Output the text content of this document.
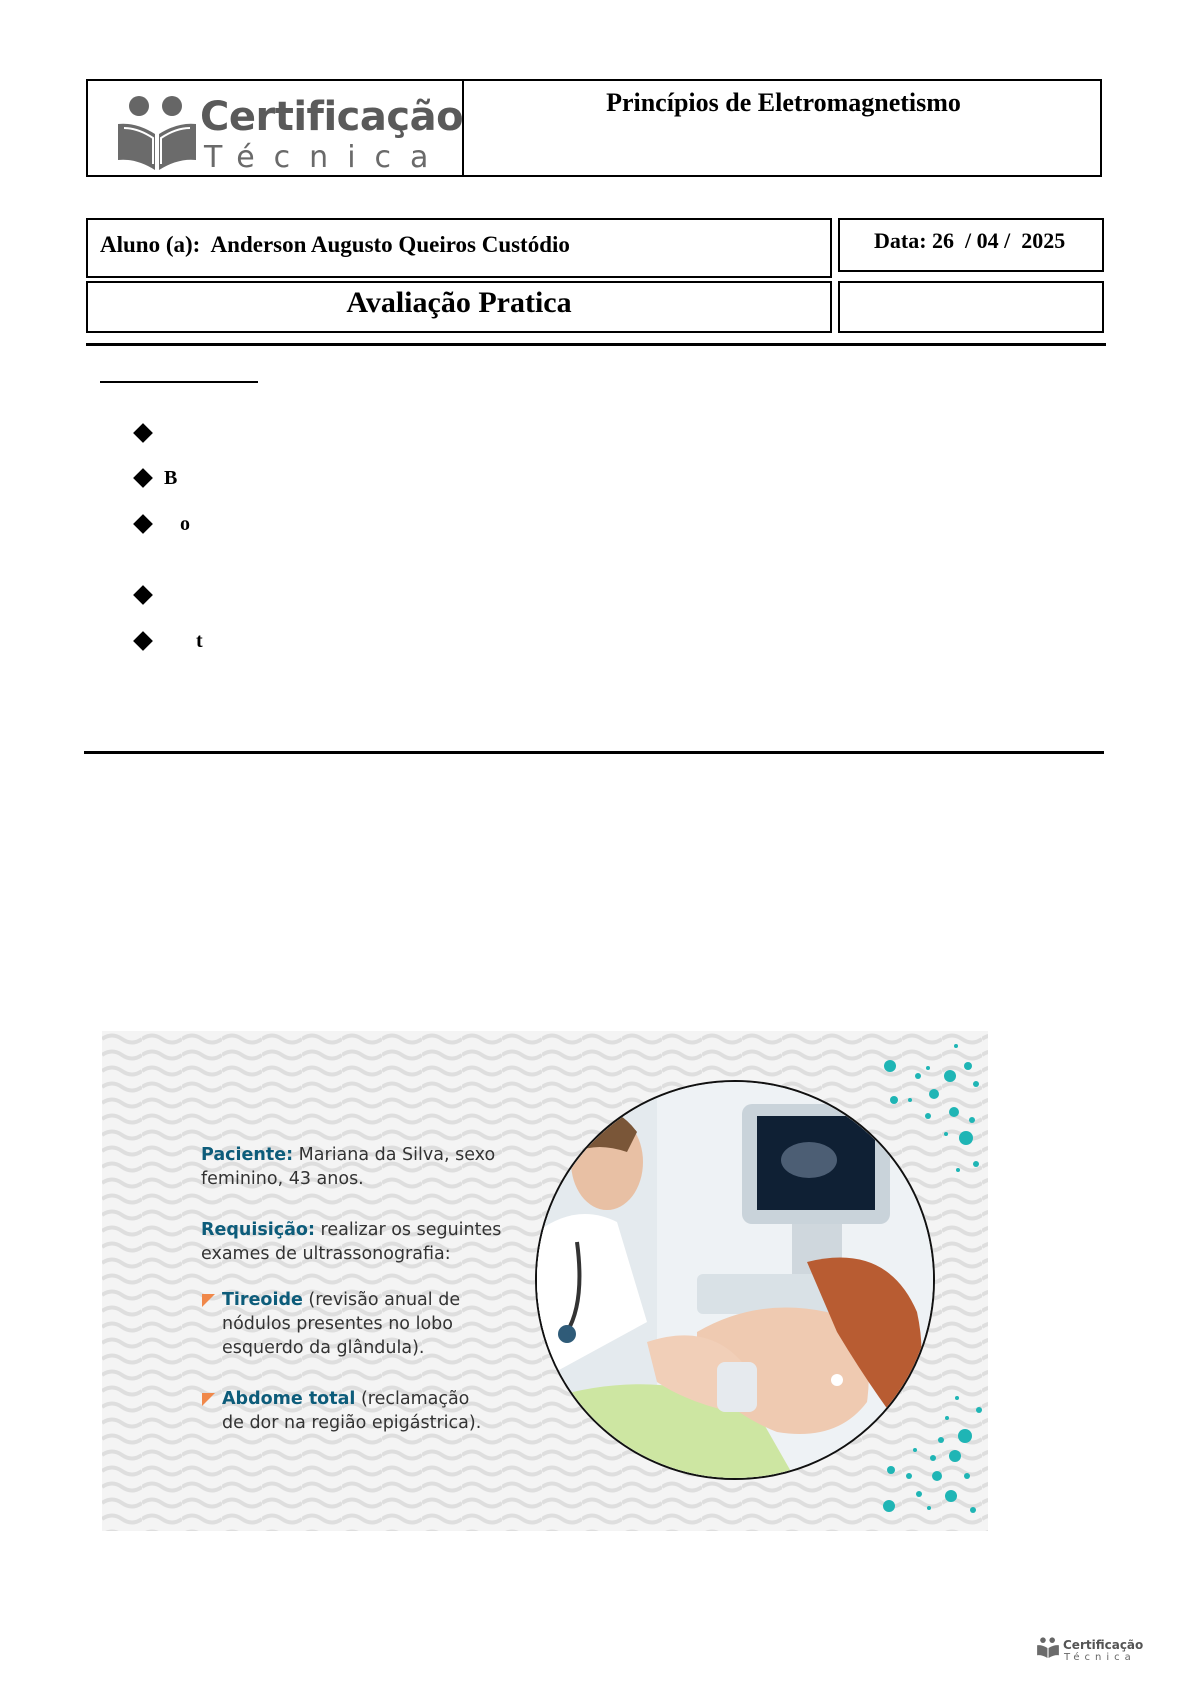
Certificação
Técnica
Princípios de Eletromagnetismo
Aluno (a): Anderson Augusto Queiros Custódio	Data: 26  / 04 /  2025
Avaliação Pratica
B
o
t
Paciente: Mariana da Silva, sexo
feminino, 43 anos.
Requisição: realizar os seguintes
exames de ultrassonografia:
Tireoide (revisão anual de
nódulos presentes no lobo
esquerdo da glândula).
Abdome total (reclamação
de dor na região epigástrica).
Certificação
Técnica
